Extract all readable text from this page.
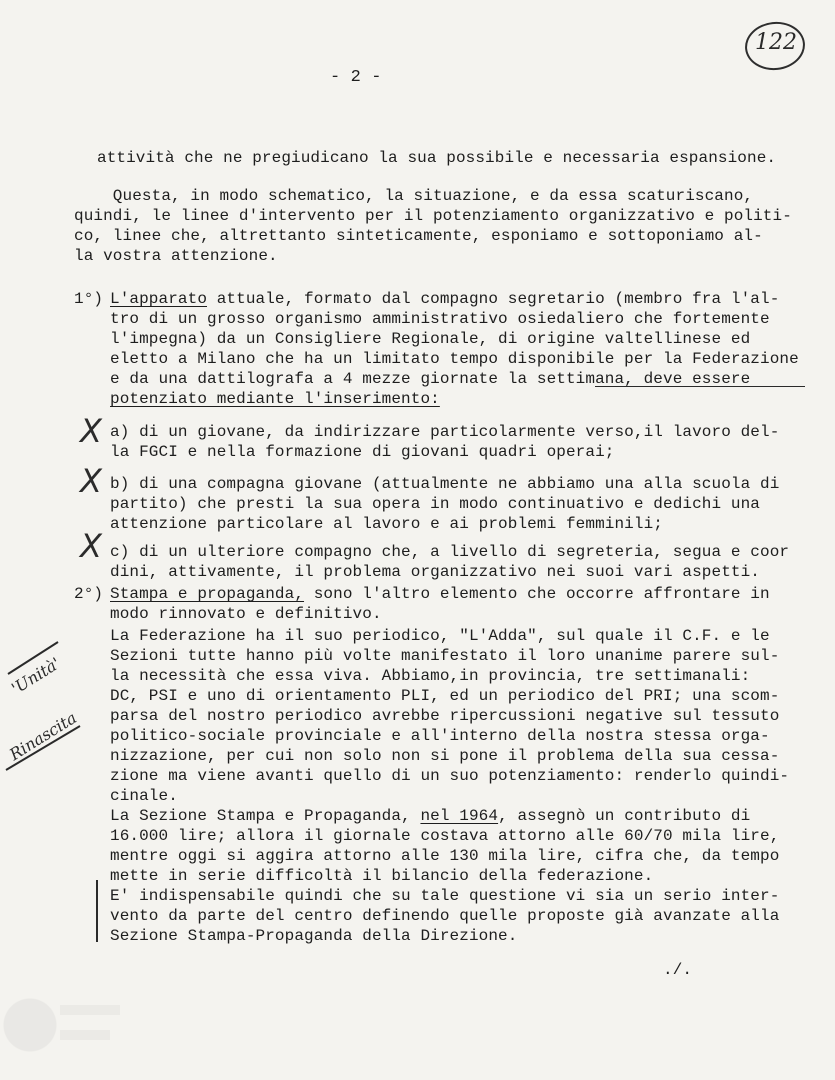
122
- 2 -
attività che ne pregiudicano la sua possibile e necessaria espansione.
Questa, in modo schematico, la situazione, e da essa scaturiscano,
quindi, le linee d'intervento per il potenziamento organizzativo e politi-
co, linee che, altrettanto sinteticamente, esponiamo e sottoponiamo al-
la vostra attenzione.
1°) L'apparato attuale, formato dal compagno segretario (membro fra l'al-
tro di un grosso organismo amministrativo osiedaliero che fortemente
l'impegna) da un Consigliere Regionale, di origine valtellinese ed
eletto a Milano che ha un limitato tempo disponibile per la Federazione
e da una dattilografa a 4 mezze giornate la settimana, deve essere
potenziato mediante l'inserimento:
X a) di un giovane, da indirizzare particolarmente verso,il lavoro del-
la FGCI e nella formazione di giovani quadri operai;
X b) di una compagna giovane (attualmente ne abbiamo una alla scuola di
partito) che presti la sua opera in modo continuativo e dedichi una
attenzione particolare al lavoro e ai problemi femminili;
X c) di un ulteriore compagno che, a livello di segreteria, segua e coor
dini, attivamente, il problema organizzativo nei suoi vari aspetti.
2°) Stampa e propaganda, sono l'altro elemento che occorre affrontare in
modo rinnovato e definitivo.
La Federazione ha il suo periodico, "L'Adda", sul quale il C.F. e le
Sezioni tutte hanno più volte manifestato il loro unanime parere sul-
la necessità che essa viva. Abbiamo,in provincia, tre settimanali:
DC, PSI e uno di orientamento PLI, ed un periodico del PRI; una scom-
parsa del nostro periodico avrebbe ripercussioni negative sul tessuto
politico-sociale provinciale e all'interno della nostra stessa orga-
nizzazione, per cui non solo non si pone il problema della sua cessa-
zione ma viene avanti quello di un suo potenziamento: renderlo quindi-
cinale.
La Sezione Stampa e Propaganda, nel 1964, assegnò un contributo di
16.000 lire; allora il giornale costava attorno alle 60/70 mila lire,
mentre oggi si aggira attorno alle 130 mila lire, cifra che, da tempo
mette in serie difficoltà il bilancio della federazione.
E' indispensabile quindi che su tale questione vi sia un serio inter-
vento da parte del centro definendo quelle proposte già avanzate alla
Sezione Stampa-Propaganda della Direzione.
./.
'Unità'
Rinascita
